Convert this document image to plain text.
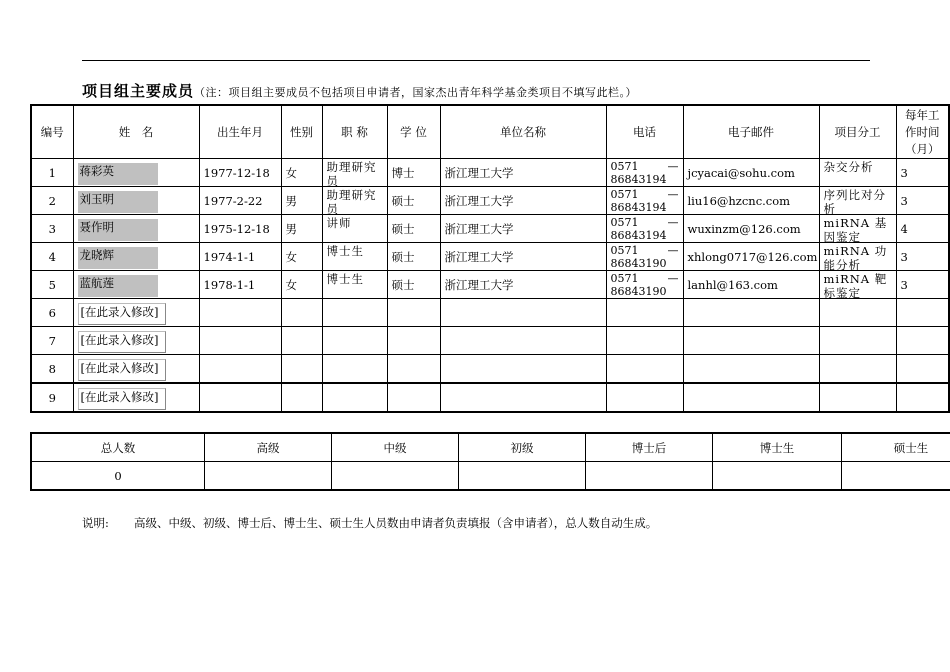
项目组主要成员（注：项目组主要成员不包括项目申请者，国家杰出青年科学基金类项目不填写此栏。）
编号	姓　名	出生年月	性别	职 称	学 位	单位名称	电话	电子邮件	项目分工	每年工作时间（月）
1	蒋彩英	1977-12-18	女	助理研究员	博士	浙江理工大学	0571 —
86843194	jcyacai@sohu.com	杂交分析	3
2	刘玉明	1977-2-22	男	助理研究员	硕士	浙江理工大学	0571 —
86843194	liu16@hzcnc.com	序列比对分析	3
3	聂作明	1975-12-18	男	讲师	硕士	浙江理工大学	0571 —
86843194	wuxinzm@126.com	miRNA 基因鉴定	4
4	龙晓辉	1974-1-1	女	博士生	硕士	浙江理工大学	0571 —
86843190	xhlong0717@126.com	miRNA 功能分析	3
5	蓝航莲	1978-1-1	女	博士生	硕士	浙江理工大学	0571 —
86843190	lanhl@163.com	miRNA 靶标鉴定	3
6	[在此录入修改]									
7	[在此录入修改]									
8	[在此录入修改]									
9	[在此录入修改]									
总人数	高级	中级	初级	博士后	博士生	硕士生
0						
说明: 高级、中级、初级、博士后、博士生、硕士生人员数由申请者负责填报（含申请者），总人数自动生成。
